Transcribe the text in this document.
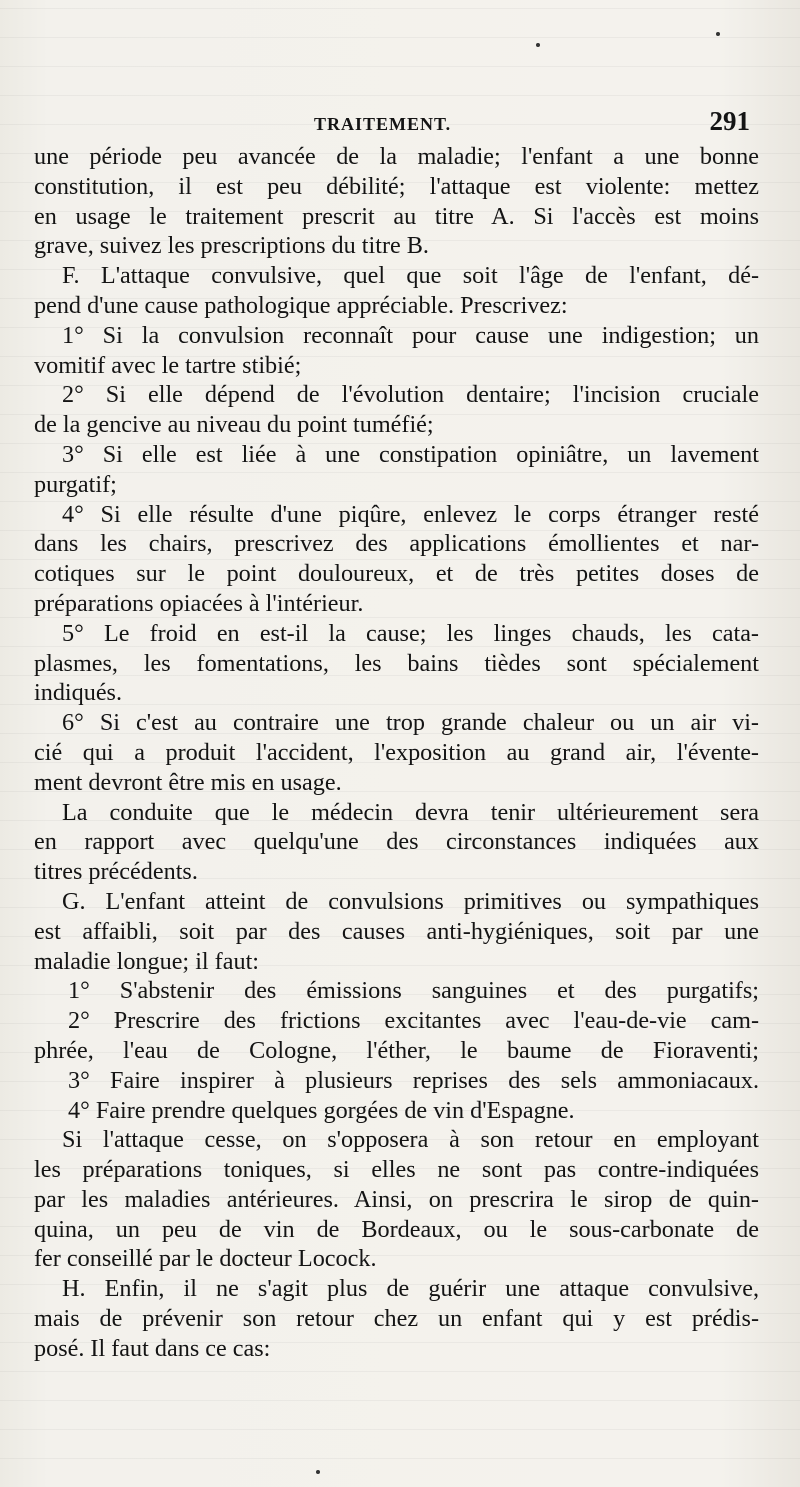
TRAITEMENT.	291
une période peu avancée de la maladie; l'enfant a une bonne
constitution, il est peu débilité; l'attaque est violente: mettez
en usage le traitement prescrit au titre A. Si l'accès est moins
grave, suivez les prescriptions du titre B.
F. L'attaque convulsive, quel que soit l'âge de l'enfant, dé-
pend d'une cause pathologique appréciable. Prescrivez:
1° Si la convulsion reconnaît pour cause une indigestion; un
vomitif avec le tartre stibié;
2° Si elle dépend de l'évolution dentaire; l'incision cruciale
de la gencive au niveau du point tuméfié;
3° Si elle est liée à une constipation opiniâtre, un lavement
purgatif;
4° Si elle résulte d'une piqûre, enlevez le corps étranger resté
dans les chairs, prescrivez des applications émollientes et nar-
cotiques sur le point douloureux, et de très petites doses de
préparations opiacées à l'intérieur.
5° Le froid en est-il la cause; les linges chauds, les cata-
plasmes, les fomentations, les bains tièdes sont spécialement
indiqués.
6° Si c'est au contraire une trop grande chaleur ou un air vi-
cié qui a produit l'accident, l'exposition au grand air, l'évente-
ment devront être mis en usage.
La conduite que le médecin devra tenir ultérieurement sera
en rapport avec quelqu'une des circonstances indiquées aux
titres précédents.
G. L'enfant atteint de convulsions primitives ou sympathiques
est affaibli, soit par des causes anti-hygiéniques, soit par une
maladie longue; il faut:
1° S'abstenir des émissions sanguines et des purgatifs;
2° Prescrire des frictions excitantes avec l'eau-de-vie cam-
phrée, l'eau de Cologne, l'éther, le baume de Fioraventi;
3° Faire inspirer à plusieurs reprises des sels ammoniacaux.
4° Faire prendre quelques gorgées de vin d'Espagne.
Si l'attaque cesse, on s'opposera à son retour en employant
les préparations toniques, si elles ne sont pas contre-indiquées
par les maladies antérieures. Ainsi, on prescrira le sirop de quin-
quina, un peu de vin de Bordeaux, ou le sous-carbonate de
fer conseillé par le docteur Locock.
H. Enfin, il ne s'agit plus de guérir une attaque convulsive,
mais de prévenir son retour chez un enfant qui y est prédis-
posé. Il faut dans ce cas:
